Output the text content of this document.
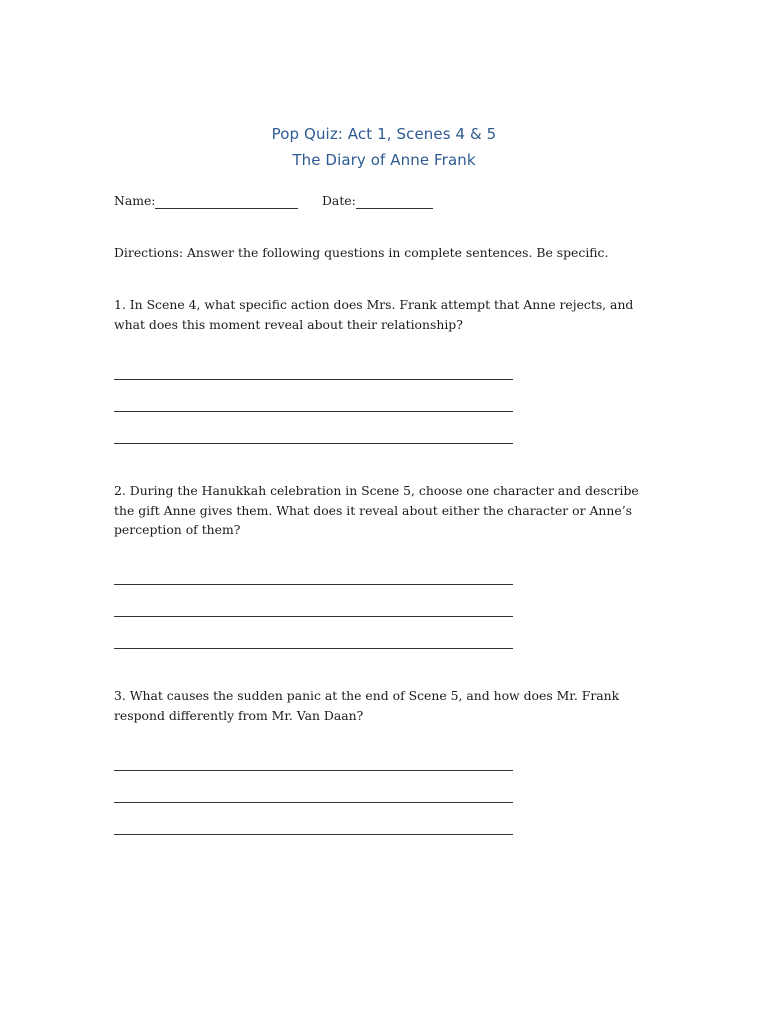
Pop Quiz: Act 1, Scenes 4 & 5
The Diary of Anne Frank
Name:	Date:
Directions: Answer the following questions in complete sentences. Be specific.
1. In Scene 4, what specific action does Mrs. Frank attempt that Anne rejects, and what does this moment reveal about their relationship?
2. During the Hanukkah celebration in Scene 5, choose one character and describe the gift Anne gives them. What does it reveal about either the character or Anne’s perception of them?
3. What causes the sudden panic at the end of Scene 5, and how does Mr. Frank respond differently from Mr. Van Daan?
